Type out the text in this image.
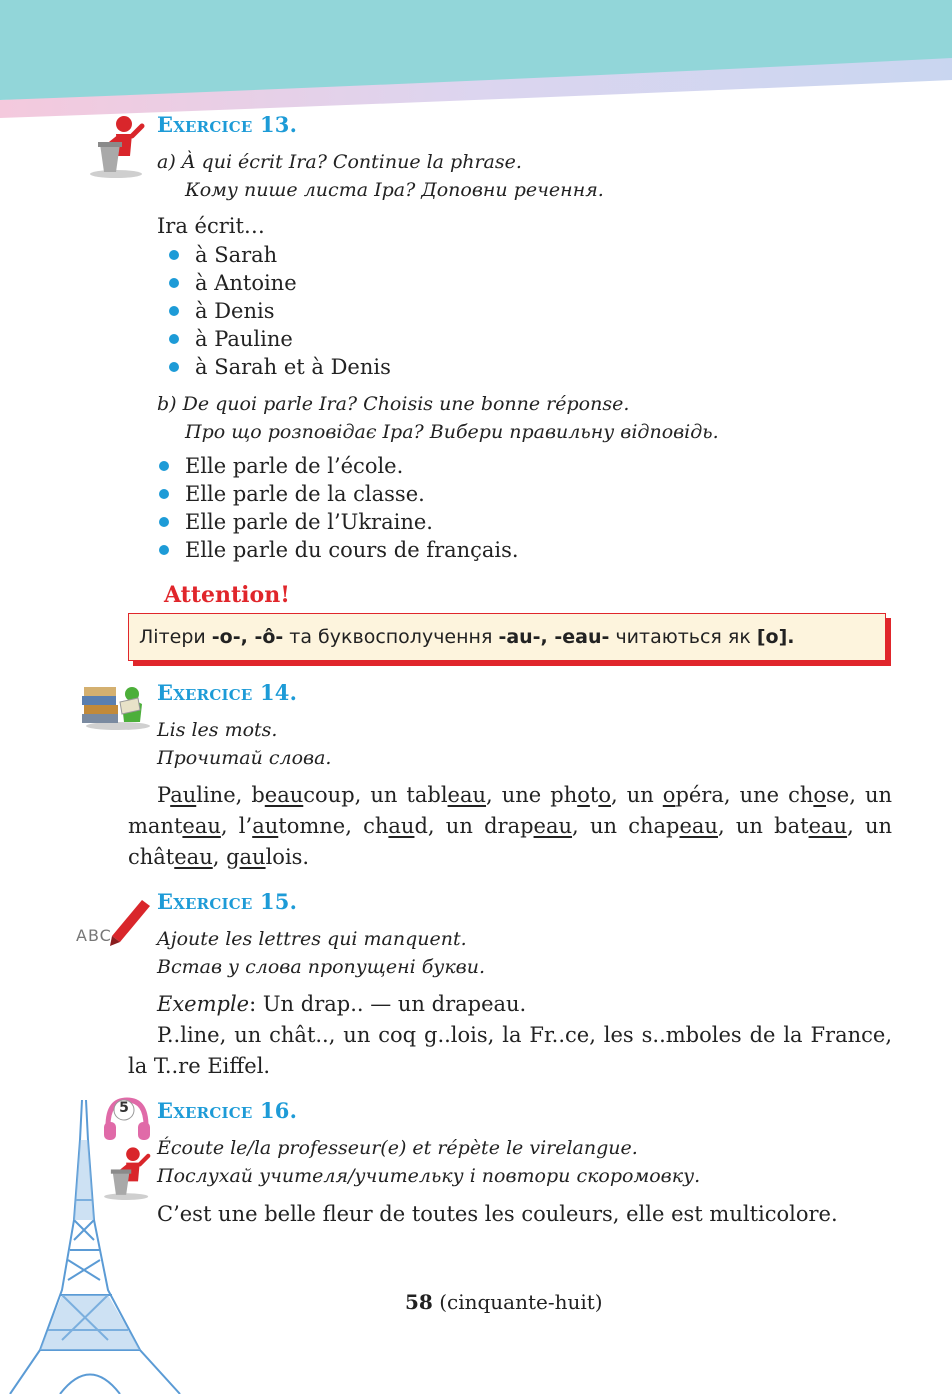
Exercice 13.
a) À qui écrit Ira? Continue la phrase.
Кому пише листа Іра? Доповни речення.
Ira écrit…
à Sarah
à Antoine
à Denis
à Pauline
à Sarah et à Denis
b) De quoi parle Ira? Choisis une bonne réponse.
Про що розповідає Іра? Вибери правильну відповідь.
Elle parle de l’école.
Elle parle de la classe.
Elle parle de l’Ukraine.
Elle parle du cours de français.
Attention!
Літери -o-, -ô- та буквосполучення -au-, -eau- читаються як [o].
Exercice 14.
Lis les mots.
Прочитай слова.
Pauline, beaucoup, un tableau, une photo, un opéra, une chose, un manteau, l’automne, chaud, un drapeau, un chapeau, un bateau, un château, gaulois.
ABC
Exercice 15.
Ajoute les lettres qui manquent.
Встав у слова пропущені букви.
Exemple: Un drap.. — un drapeau.
P..line, un chât.., un coq g..lois, la Fr..ce, les s..mboles de la France, la T..re Eiffel.
5 Exercice 16.
Écoute le/la professeur(e) et répète le virelangue.
Послухай учителя/учительку і повтори скоромовку.
C’est une belle fleur de toutes les couleurs, elle est multicolore.
58 (cinquante-huit)
